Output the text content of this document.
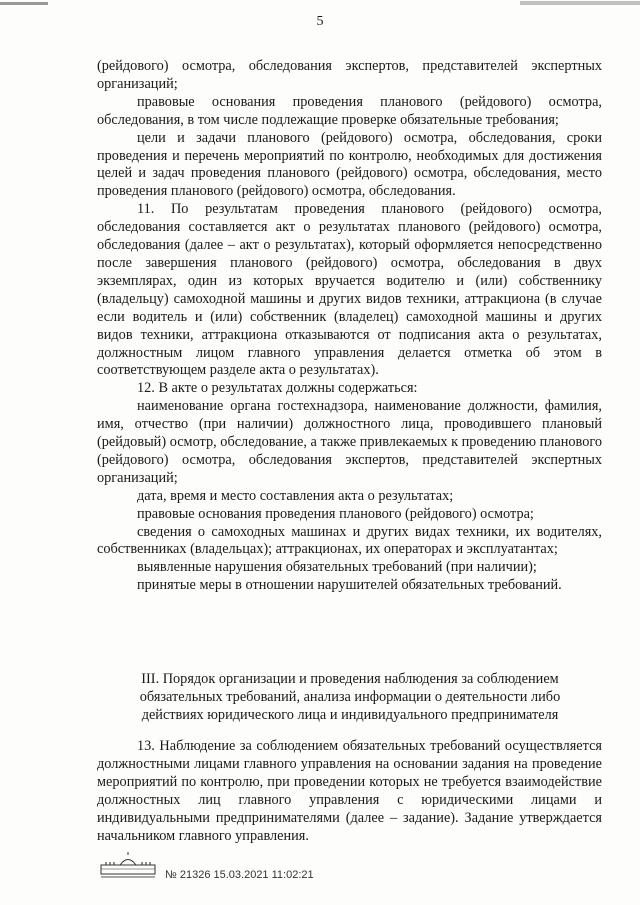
5

(рейдового) осмотра, обследования экспертов, представителей экспертных организаций;

правовые основания проведения планового (рейдового) осмотра, обследования, в том числе подлежащие проверке обязательные требования;

цели и задачи планового (рейдового) осмотра, обследования, сроки проведения и перечень мероприятий по контролю, необходимых для достижения целей и задач проведения планового (рейдового) осмотра, обследования, место проведения планового (рейдового) осмотра, обследования.

11. По результатам проведения планового (рейдового) осмотра, обследования составляется акт о результатах планового (рейдового) осмотра, обследования (далее – акт о результатах), который оформляется непосредственно после завершения планового (рейдового) осмотра, обследования в двух экземплярах, один из которых вручается водителю и (или) собственнику (владельцу) самоходной машины и других видов техники, аттракциона (в случае если водитель и (или) собственник (владелец) самоходной машины и других видов техники, аттракциона отказываются от подписания акта о результатах, должностным лицом главного управления делается отметка об этом в соответствующем разделе акта о результатах).

12. В акте о результатах должны содержаться:

наименование органа гостехнадзора, наименование должности, фамилия, имя, отчество (при наличии) должностного лица, проводившего плановый (рейдовый) осмотр, обследование, а также привлекаемых к проведению планового (рейдового) осмотра, обследования экспертов, представителей экспертных организаций;

дата, время и место составления акта о результатах;

правовые основания проведения планового (рейдового) осмотра;

сведения о самоходных машинах и других видах техники, их водителях, собственниках (владельцах); аттракционах, их операторах и эксплуатантах;

выявленные нарушения обязательных требований (при наличии);

принятые меры в отношении нарушителей обязательных требований.

III. Порядок организации и проведения наблюдения за соблюдением обязательных требований, анализа информации о деятельности либо действиях юридического лица и индивидуального предпринимателя

13. Наблюдение за соблюдением обязательных требований осуществляется должностными лицами главного управления на основании задания на проведение мероприятий по контролю, при проведении которых не требуется взаимодействие должностных лиц главного управления с юридическими лицами и индивидуальными предпринимателями (далее – задание). Задание утверждается начальником главного управления.

№ 21326 15.03.2021 11:02:21
